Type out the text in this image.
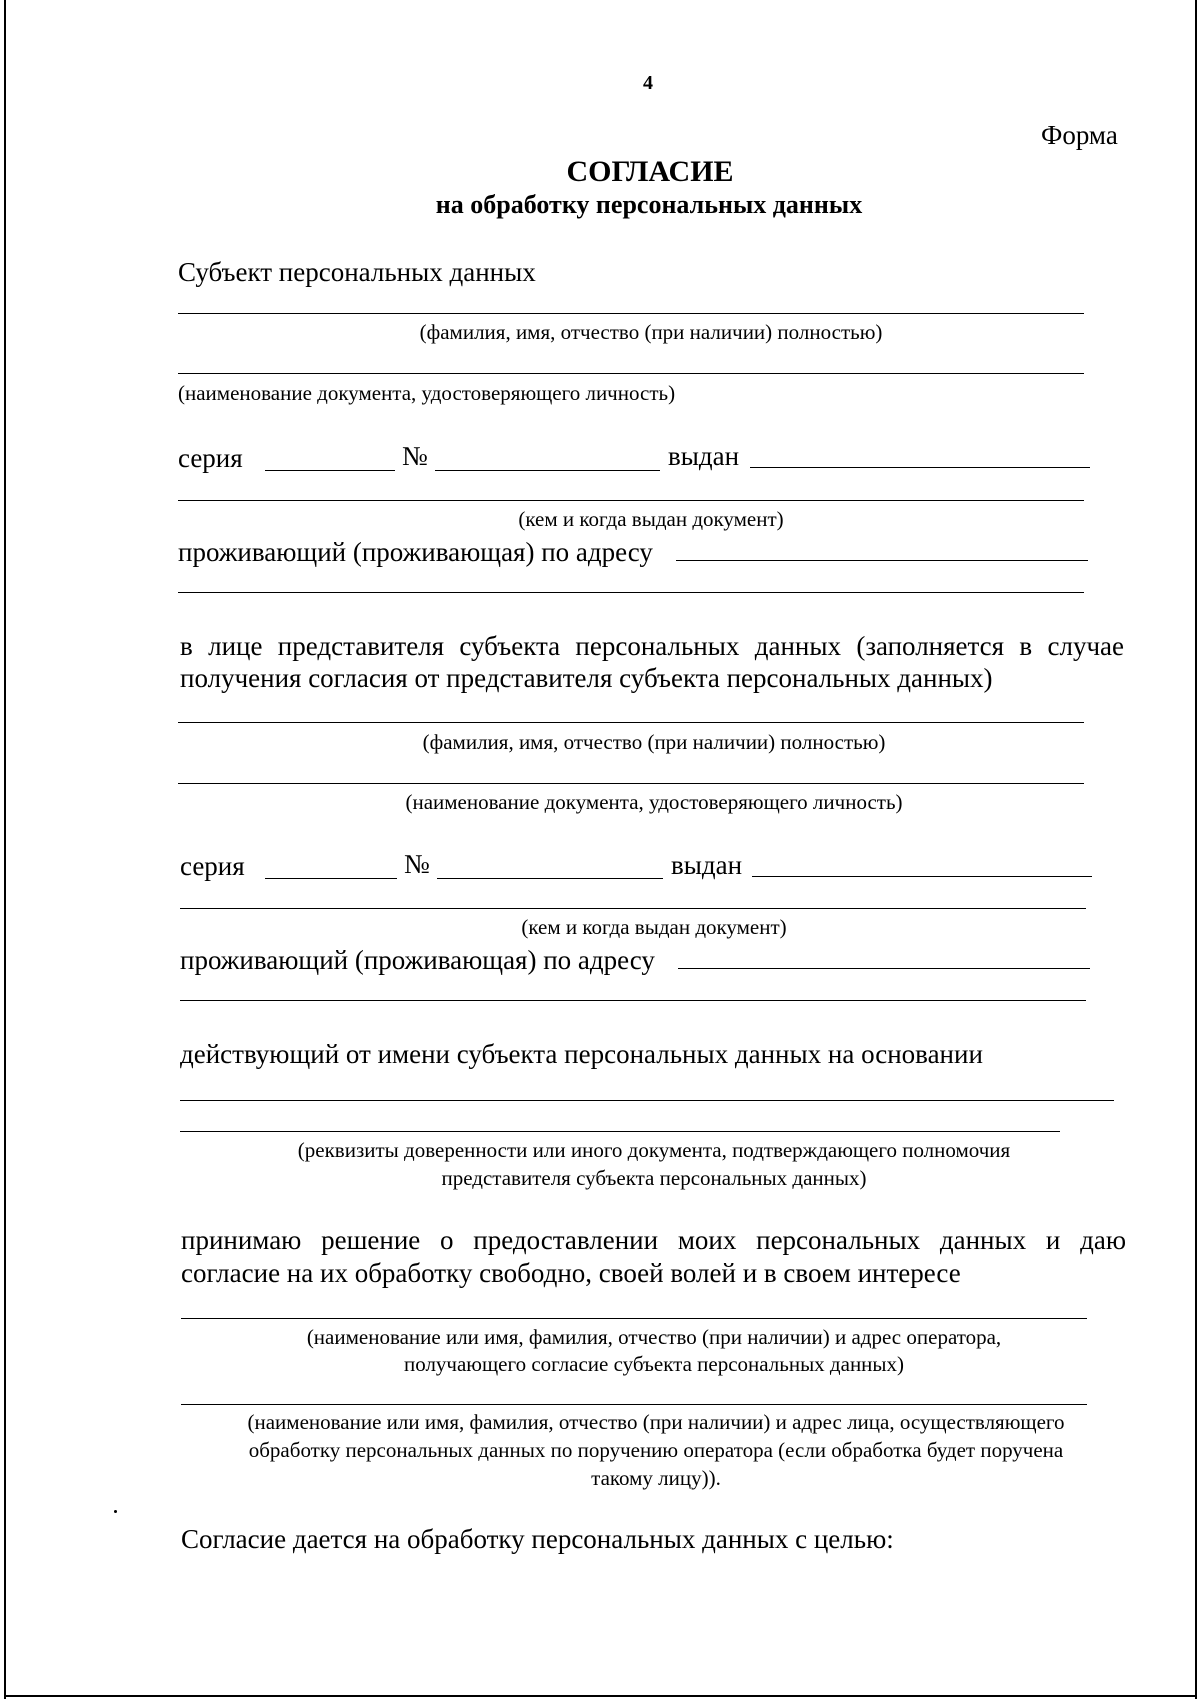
4
Форма
СОГЛАСИЕ
на обработку персональных данных
Субъект персональных данных
(фамилия, имя, отчество (при наличии) полностью)
(наименование документа, удостоверяющего личность)
серия	№	выдан
(кем и когда выдан документ)
проживающий (проживающая) по адресу
в лице представителя субъекта персональных данных (заполняется в случае
получения согласия от представителя субъекта персональных данных)
(фамилия, имя, отчество (при наличии) полностью)
(наименование документа, удостоверяющего личность)
серия	№	выдан
(кем и когда выдан документ)
проживающий (проживающая) по адресу
действующий от имени субъекта персональных данных на основании
(реквизиты доверенности или иного документа, подтверждающего полномочия
представителя субъекта персональных данных)
принимаю решение о предоставлении моих персональных данных и даю
согласие на их обработку свободно, своей волей и в своем интересе
(наименование или имя, фамилия, отчество (при наличии) и адрес оператора,
получающего согласие субъекта персональных данных)
(наименование или имя, фамилия, отчество (при наличии) и адрес лица, осуществляющего
обработку персональных данных по поручению оператора (если обработка будет поручена
такому лицу)).
Согласие дается на обработку персональных данных с целью:
